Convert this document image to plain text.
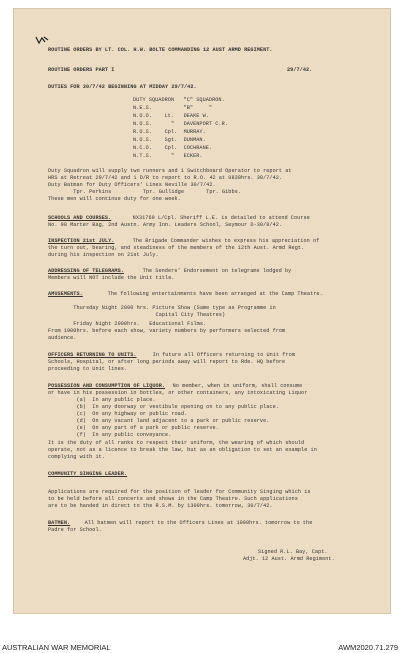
ROUTINE ORDERS BY LT. COL. H.W. BOLTE COMMANDING 12 AUST ARMD REGIMENT.
ROUTINE ORDERS PART I	29/7/42.
DUTIES FOR 30/7/42 BEGINNING AT MIDDAY 29/7/42.
DUTY SQUADRON   "C" SQUADRON.
N.E.S.          "B"     "
N.O.O.    Lt.   DEAKE W.
N.O.S.      "   DAVENPORT C.R.
R.O.S.    Cpl.  MURRAY.
N.O.S.    Sgt.  DUNMAN.
N.C.O.    Cpl.  COCHRANE.
N.T.S.      "   ECKER.
Duty Squadron will supply two runners and 1 Switchboard Operator to report at
HRS at Retreat 29/7/42 and 1 D/R to report to R.O. 42 at 0830hrs. 30/7/42.
Duty Batman for Duty Officers' Lines Neville 30/7/42.
Tpr. Perkins          Tpr. Gullidge       Tpr. Gibbs.
These men will continue duty for one week.
SCHOOLS AND COURSES. NX31769 L/Cpl. Sheriff L.E. is detailed to attend Course
No. 98 Marter Bag, 2nd Austn. Army Inn. Leaders School, Seymour D-30/8/42.
INSPECTION 21st JULY. The Brigade Commander wishes to express his appreciation of
the turn out, bearing, and steadiness of the members of the 12th Aust. Armd Regt.
during his inspection on 21st July.
ADDRESSING OF TELEGRAMS. The Senders' Endorsement on telegrams lodged by
Members will NOT include the Unit title.
AMUSEMENTS. The following entertainments have been arranged at the Camp Theatre.
Thursday Night 2000 hrs. Picture Show (Same type as Programme in
Capital City Theatres)
Friday Night 2000hrs.   Educational Films.
From 1900hrs. before each show, variety numbers by performers selected from
audience.
OFFICERS RETURNING TO UNITS. In future all Officers returning to Unit from
Schools, Hospital, or after long periods away will report to Rde. HQ before
proceeding to Unit lines.
POSSESSION AND CONSUMPTION OF LIQUOR.
No member, when in uniform, shall consume
or have in his possession in bottles, or other containers, any intoxicating Liquor
(a)  In any public place.
(b)  In any doorway or vestibule opening on to any public place.
(c)  On any highway or public road.
(d)  On any vacant land adjacent to a park or public reserve.
(e)  On any part of a park or public reserve.
(f)  In any public conveyance.
It is the duty of all ranks to respect their uniform, the wearing of which should
operate, not as a licence to break the law, but as an obligation to set an example in
complying with it.
COMMUNITY SINGING LEADER.
Applications are required for the position of leader for Community Singing which is
to be held before all concerts and shows in the Camp Theatre. Such applications
are to be handed in direct to the R.S.M. by 1300hrs. tomorrow, 30/7/42.
BATMEN. All batmen will report to the Officers Lines at 1000hrs. tomorrow to the
Padre for School.
Signed R.L. Bay, Capt.
Adjt. 12 Aust. Armd Regiment.
AUSTRALIAN WAR MEMORIAL	AWM2020.71.279
